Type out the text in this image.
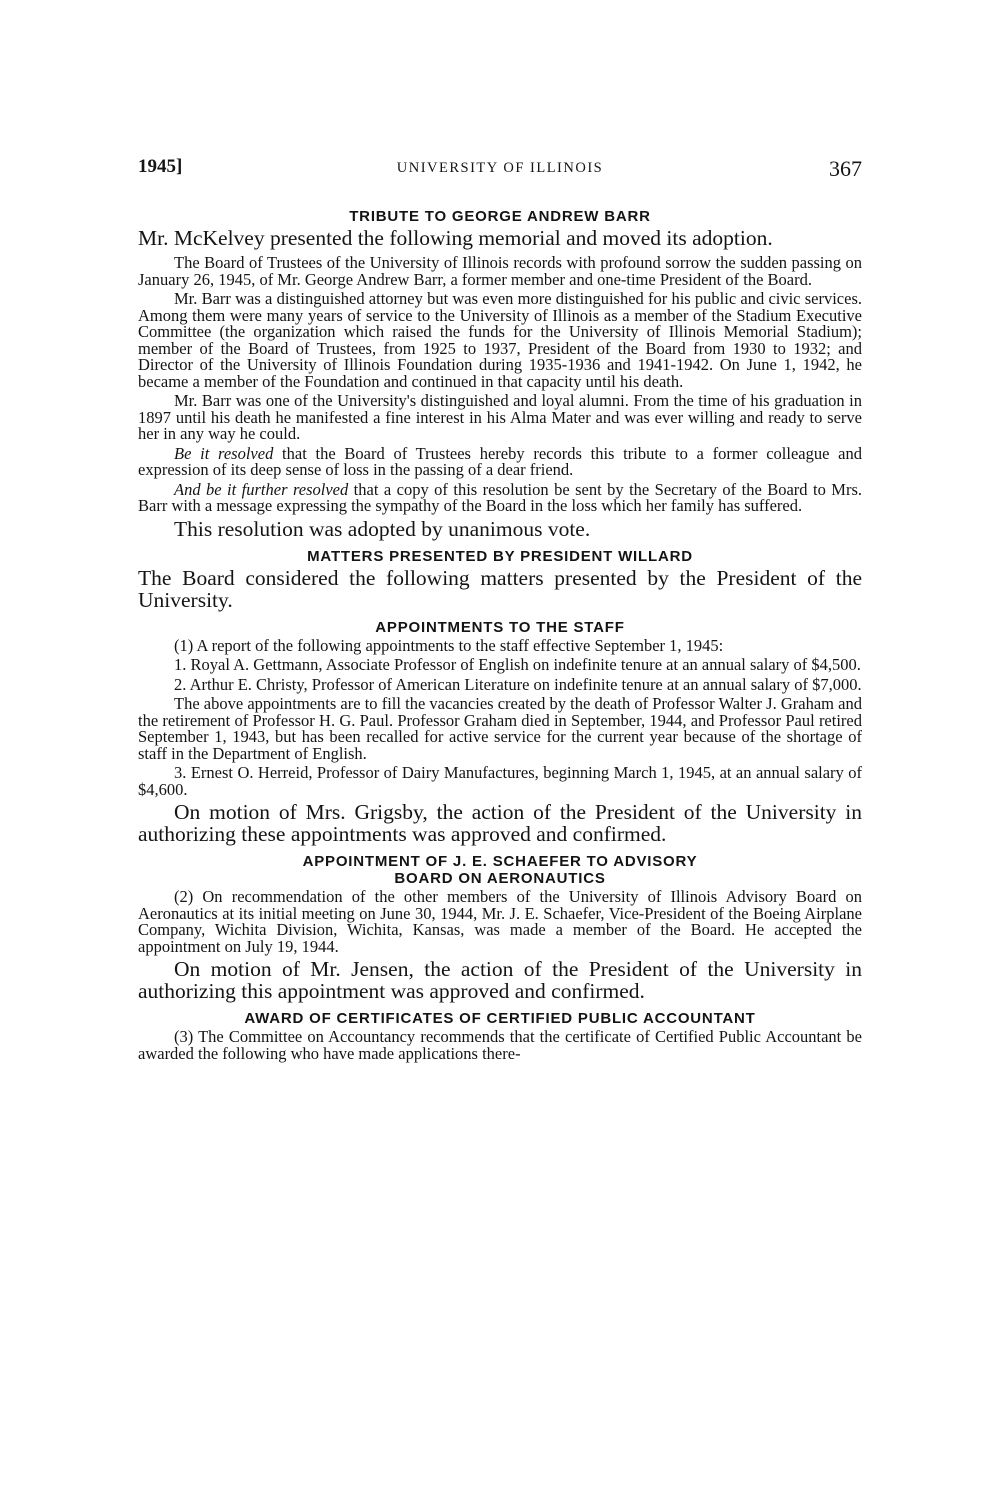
1945]	UNIVERSITY OF ILLINOIS	367
TRIBUTE TO GEORGE ANDREW BARR

Mr. McKelvey presented the following memorial and moved its adoption.

The Board of Trustees of the University of Illinois records with profound sorrow the sudden passing on January 26, 1945, of Mr. George Andrew Barr, a former member and one-time President of the Board.

Mr. Barr was a distinguished attorney but was even more distinguished for his public and civic services. Among them were many years of service to the University of Illinois as a member of the Stadium Executive Committee (the organization which raised the funds for the University of Illinois Memorial Stadium); member of the Board of Trustees, from 1925 to 1937, President of the Board from 1930 to 1932; and Director of the University of Illinois Foundation during 1935-1936 and 1941-1942. On June 1, 1942, he became a member of the Foundation and continued in that capacity until his death.

Mr. Barr was one of the University's distinguished and loyal alumni. From the time of his graduation in 1897 until his death he manifested a fine interest in his Alma Mater and was ever willing and ready to serve her in any way he could.

Be it resolved that the Board of Trustees hereby records this tribute to a former colleague and expression of its deep sense of loss in the passing of a dear friend.

And be it further resolved that a copy of this resolution be sent by the Secretary of the Board to Mrs. Barr with a message expressing the sympathy of the Board in the loss which her family has suffered.

This resolution was adopted by unanimous vote.

MATTERS PRESENTED BY PRESIDENT WILLARD

The Board considered the following matters presented by the President of the University.

APPOINTMENTS TO THE STAFF

(1) A report of the following appointments to the staff effective September 1, 1945:

1. Royal A. Gettmann, Associate Professor of English on indefinite tenure at an annual salary of $4,500.

2. Arthur E. Christy, Professor of American Literature on indefinite tenure at an annual salary of $7,000.

The above appointments are to fill the vacancies created by the death of Professor Walter J. Graham and the retirement of Professor H. G. Paul. Professor Graham died in September, 1944, and Professor Paul retired September 1, 1943, but has been recalled for active service for the current year because of the shortage of staff in the Department of English.

3. Ernest O. Herreid, Professor of Dairy Manufactures, beginning March 1, 1945, at an annual salary of $4,600.

On motion of Mrs. Grigsby, the action of the President of the University in authorizing these appointments was approved and confirmed.

APPOINTMENT OF J. E. SCHAEFER TO ADVISORY
BOARD ON AERONAUTICS

(2) On recommendation of the other members of the University of Illinois Advisory Board on Aeronautics at its initial meeting on June 30, 1944, Mr. J. E. Schaefer, Vice-President of the Boeing Airplane Company, Wichita Division, Wichita, Kansas, was made a member of the Board. He accepted the appointment on July 19, 1944.

On motion of Mr. Jensen, the action of the President of the University in authorizing this appointment was approved and confirmed.

AWARD OF CERTIFICATES OF CERTIFIED PUBLIC ACCOUNTANT

(3) The Committee on Accountancy recommends that the certificate of Certified Public Accountant be awarded the following who have made applications there-
